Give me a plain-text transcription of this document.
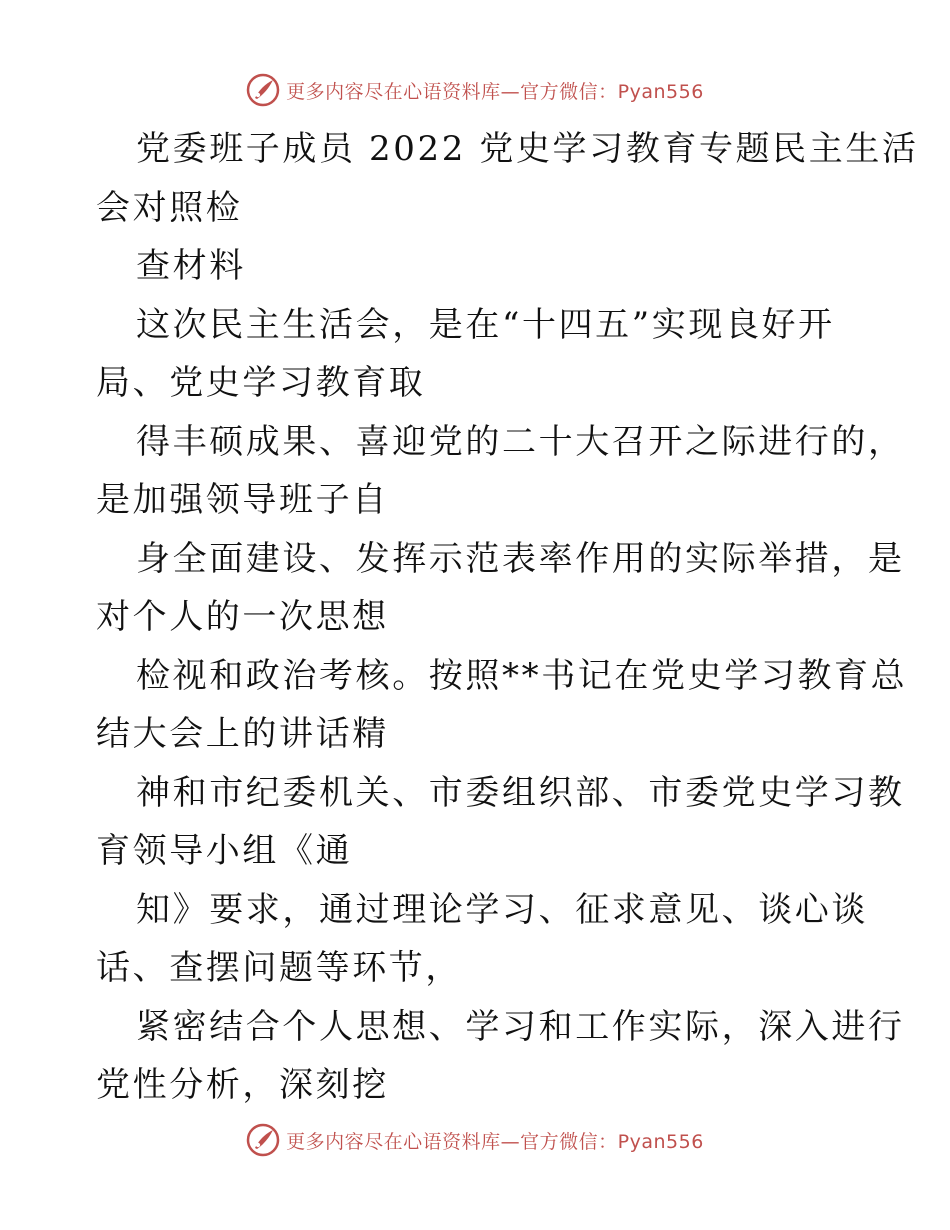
更多内容尽在心语资料库—官方微信：Pyan556
党委班子成员 2022 党史学习教育专题民主生活
会对照检
查材料
这次民主生活会，是在“十四五”实现良好开
局、党史学习教育取
得丰硕成果、喜迎党的二十大召开之际进行的，
是加强领导班子自
身全面建设、发挥示范表率作用的实际举措，是
对个人的一次思想
检视和政治考核。按照**书记在党史学习教育总
结大会上的讲话精
神和市纪委机关、市委组织部、市委党史学习教
育领导小组《通
知》要求，通过理论学习、征求意见、谈心谈
话、查摆问题等环节，
紧密结合个人思想、学习和工作实际，深入进行
党性分析，深刻挖
更多内容尽在心语资料库—官方微信：Pyan556
